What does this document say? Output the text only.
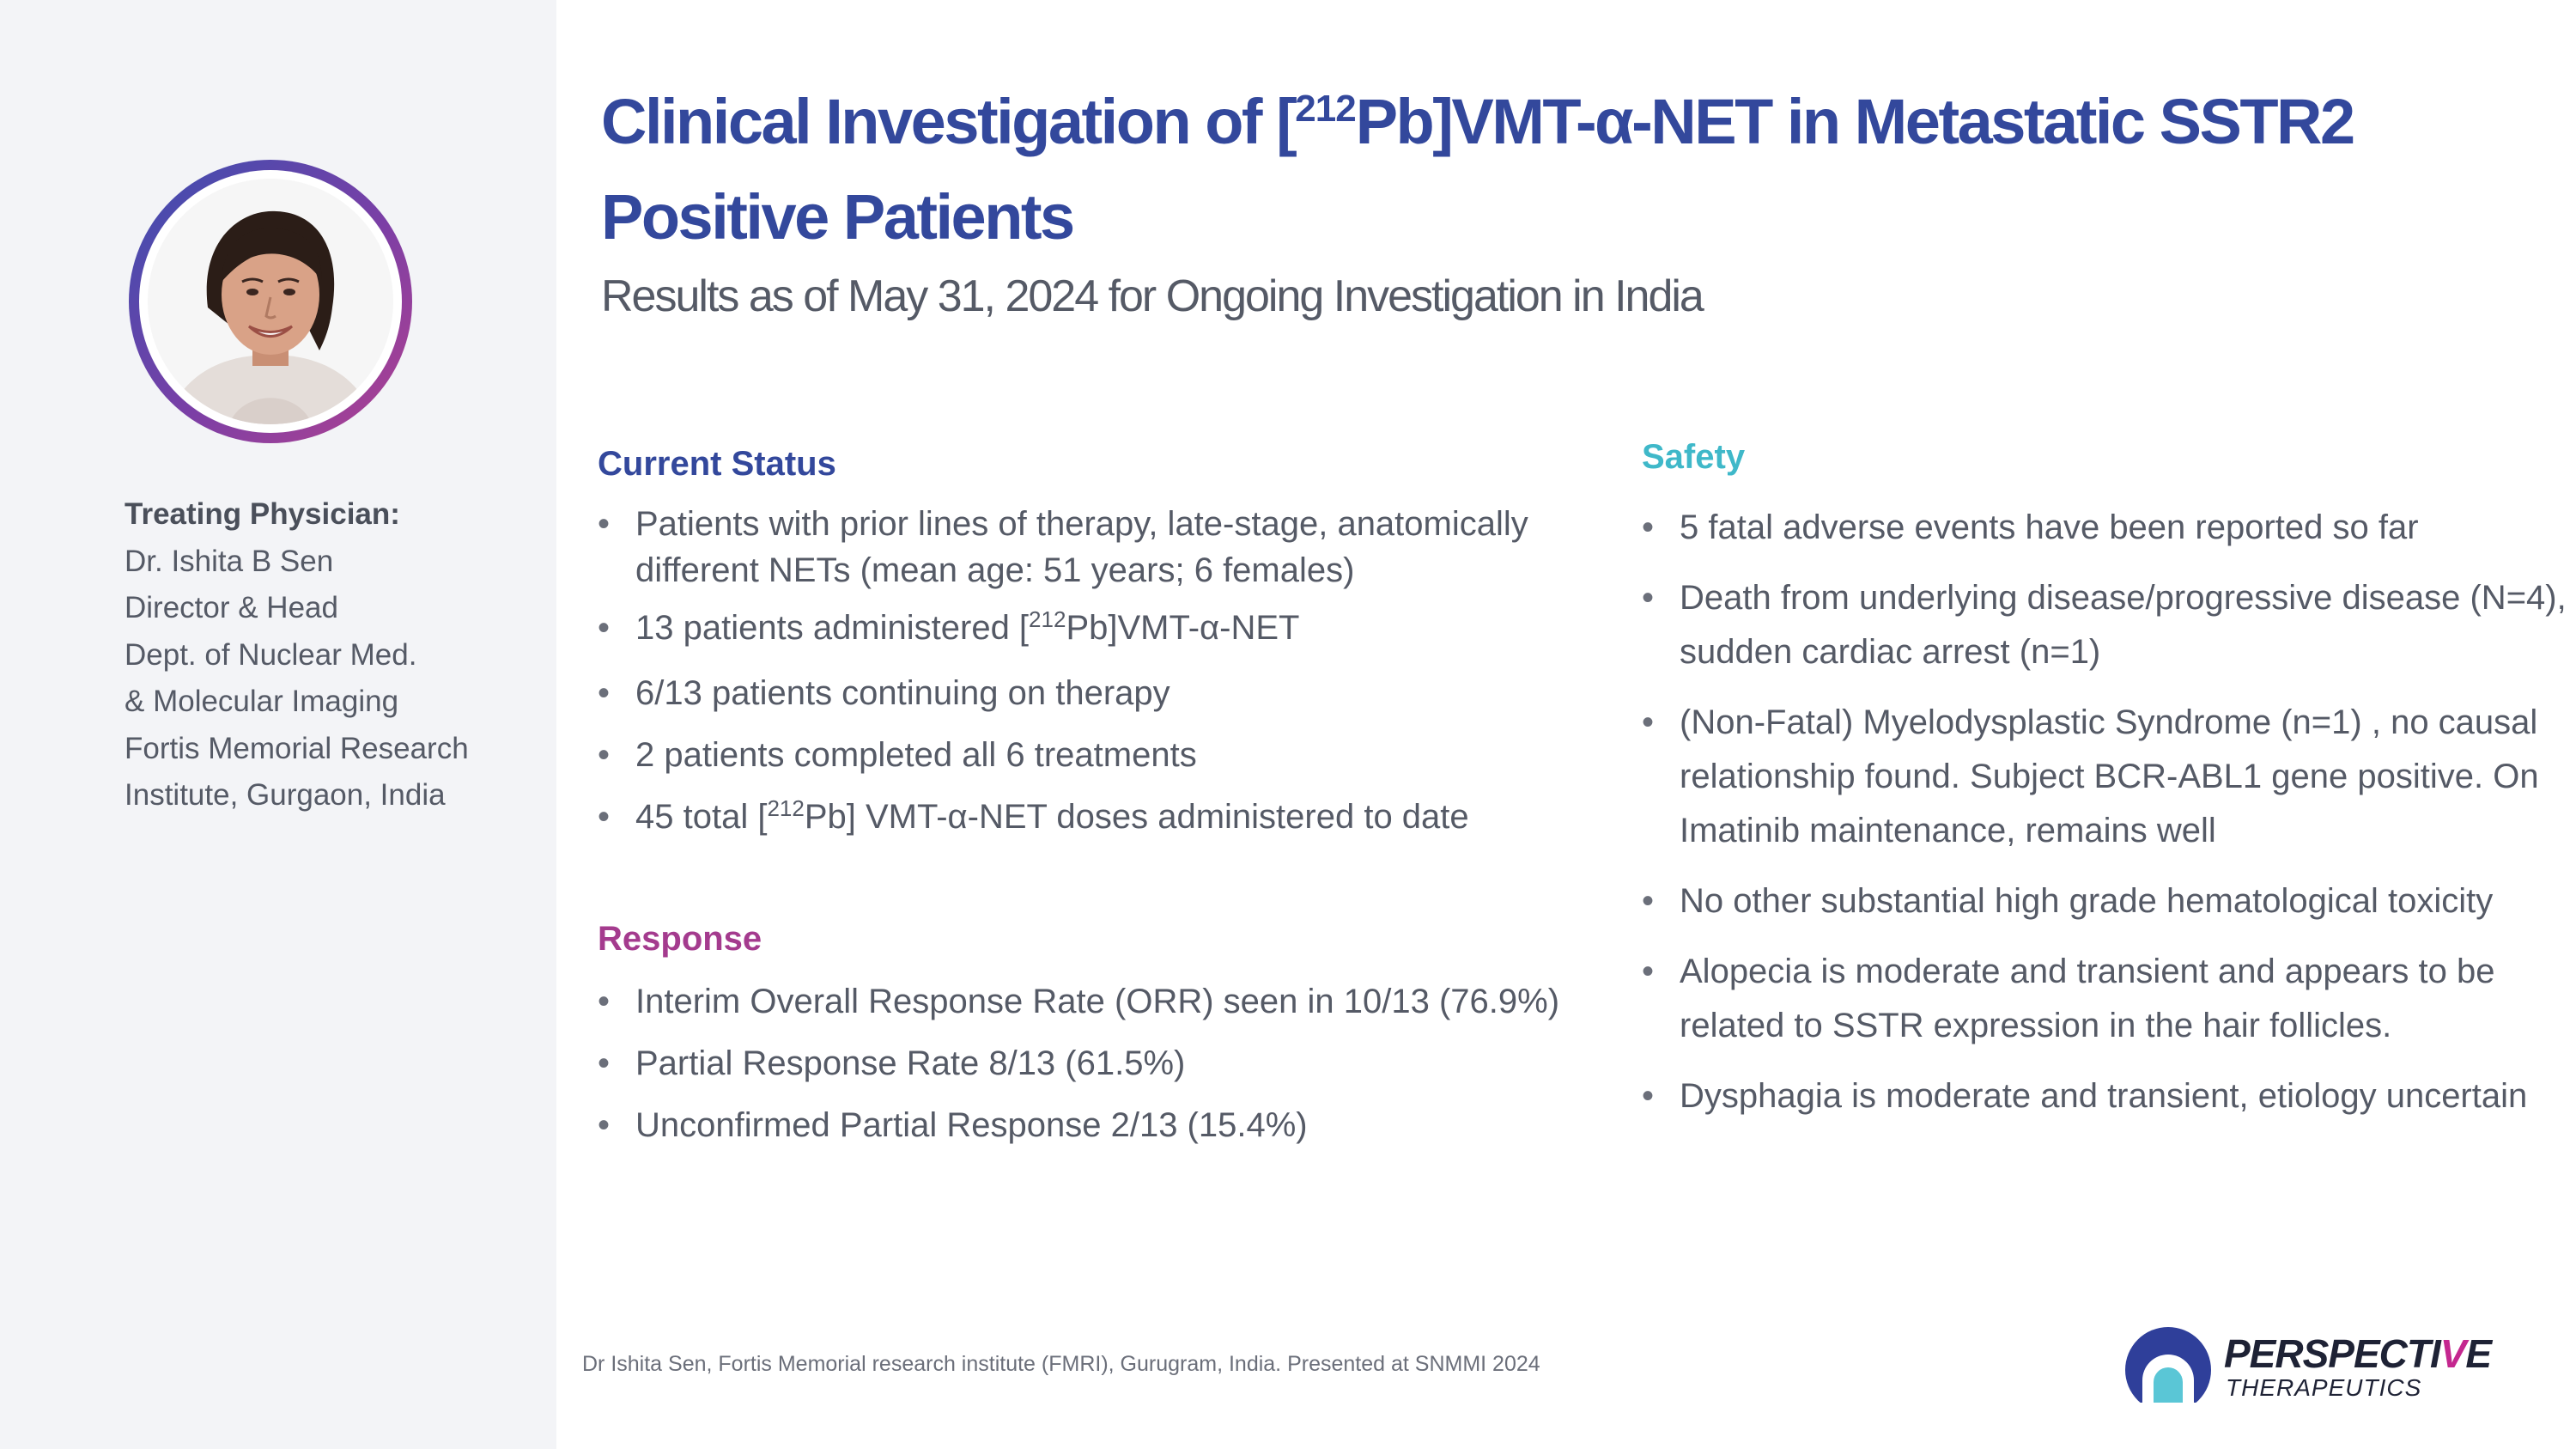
Treating Physician:
Dr. Ishita B Sen
Director & Head
Dept. of Nuclear Med.
& Molecular Imaging
Fortis Memorial Research
Institute, Gurgaon, India
Clinical Investigation of [$^{212}$Pb]VMT-α-NET in Metastatic SSTR2
Positive Patients
Results as of May 31, 2024 for Ongoing Investigation in India
Current Status
• Patients with prior lines of therapy, late-stage, anatomically different NETs (mean age: 51 years; 6 females)
• 13 patients administered [$^{212}$Pb]VMT-α-NET
• 6/13 patients continuing on therapy
• 2 patients completed all 6 treatments
• 45 total [$^{212}$Pb] VMT-α-NET doses administered to date
Response
• Interim Overall Response Rate (ORR) seen in 10/13 (76.9%)
• Partial Response Rate 8/13 (61.5%)
• Unconfirmed Partial Response 2/13 (15.4%)
Safety
• 5 fatal adverse events have been reported so far
• Death from underlying disease/progressive disease (N=4), sudden cardiac arrest (n=1)
• (Non-Fatal) Myelodysplastic Syndrome (n=1) , no causal relationship found. Subject BCR-ABL1 gene positive. On Imatinib maintenance, remains well
• No other substantial high grade hematological toxicity
• Alopecia is moderate and transient and appears to be related to SSTR expression in the hair follicles.
• Dysphagia is moderate and transient, etiology uncertain
Dr Ishita Sen, Fortis Memorial research institute (FMRI), Gurugram, India. Presented at SNMMI 2024	PERSPECTIVE
THERAPEUTICS
